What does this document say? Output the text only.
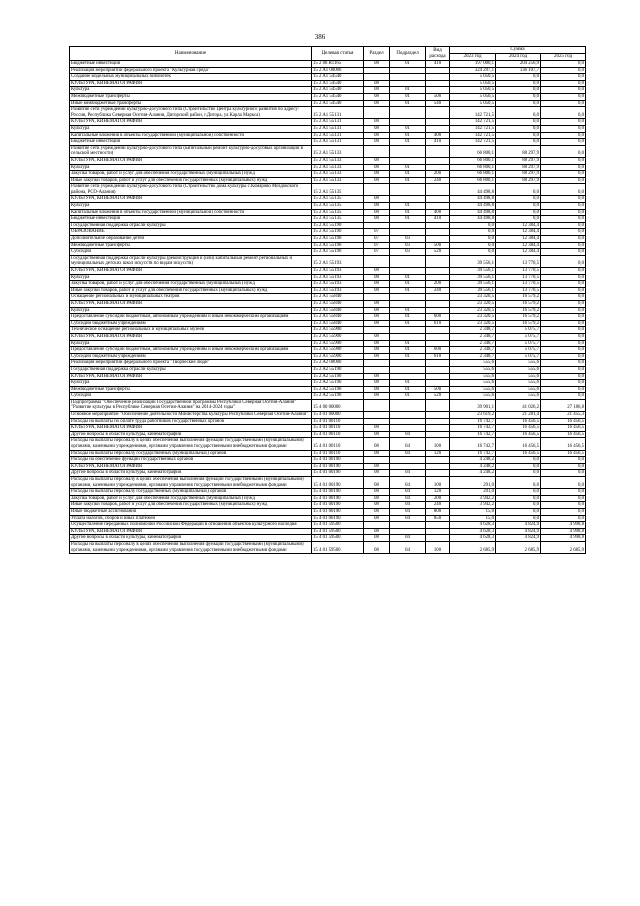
386
Наименование	Целевая статья	Раздел	Подраздел	Вид расхода	Сумма		
					2023 год	2024 год	2025 год
Бюджетные инвестиции	15 2 08 R1165	08	01	410	197 000,1	204 256,9	0,0
Реализация мероприятий федерального проекта "Культурная среда"	15 2 A1 00000				324 297,1	136 107,7	0,0
Создание модельных муниципальных библиотек	15 2 A1 54540				5 050,5	0,0	0,0
КУЛЬТУРА, КИНЕМАТОГРАФИЯ	15 2 A1 54540	08			5 050,5	0,0	0,0
Культура	15 2 A1 54540	08	01		5 050,5	0,0	0,0
Межбюджетные трансферты	15 2 A1 54540	08	01	500	5 050,5	0,0	0,0
Иные межбюджетные трансферты	15 2 A1 54540	08	01	540	5 050,5	0,0	0,0
Развитие сети учреждений культурно-досугового типа (Строительство Центра культурного развития по адресу: Россия, Республика Северная Осетия-Алания, Дигорский район, г.Дигора, ул.Карла Маркса)	15 2 A1 55131				142 721,5	0,0	0,0
КУЛЬТУРА, КИНЕМАТОГРАФИЯ	15 2 A1 55131	08			142 721,5	0,0	0,0
Культура	15 2 A1 55131	08	01		142 721,5	0,0	0,0
Капитальные вложения в объекты государственной (муниципальной) собственности	15 2 A1 55131	08	01	400	142 721,5	0,0	0,0
Бюджетные инвестиции	15 2 A1 55131	08	01	410	142 721,5	0,0	0,0
Развитие сети учреждений культурно-досугового типа (капитальный ремонт культурно-досуговых организаций в сельской местности)	15 2 A1 55133				66 800,1	88 297,9	0,0
КУЛЬТУРА, КИНЕМАТОГРАФИЯ	15 2 A1 55133	08			66 800,1	88 297,9	0,0
Культура	15 2 A1 55133	08	01		66 800,1	88 297,9	0,0
Закупка товаров, работ и услуг для обеспечения государственных (муниципальных) нужд	15 2 A1 55133	08	01	200	66 800,1	88 297,9	0,0
Иные закупки товаров, работ и услуг для обеспечения государственных (муниципальных) нужд	15 2 A1 55133	08	01	240	66 800,1	88 297,9	0,0
Развитие сети учреждений культурно-досугового типа (Строительство дома культуры с.Комарово Моздокского района, РСО-Алания)	15 2 A1 55135				44 498,8	0,0	0,0
КУЛЬТУРА, КИНЕМАТОГРАФИЯ	15 2 A1 55135	08			44 498,8	0,0	0,0
Культура	15 2 A1 55135	08	01		44 498,8	0,0	0,0
Капитальные вложения в объекты государственной (муниципальной) собственности	15 2 A1 55135	08	01	400	44 498,8	0,0	0,0
Бюджетные инвестиции	15 2 A1 55135	08	01	410	44 498,8	0,0	0,0
Государственная поддержка отрасли культуры	15 2 A1 55190				0,0	12 384,4	0,0
ОБРАЗОВАНИЕ	15 2 A1 55190	07			0,0	12 384,4	0,0
Дополнительное образование детей	15 2 A1 55190	07	03		0,0	12 384,4	0,0
Межбюджетные трансферты	15 2 A1 55190	07	03	500	0,0	12 384,4	0,0
Субсидии	15 2 A1 55190	07	03	520	0,0	12 384,4	0,0
Государственная поддержка отрасли культуры (реконструкция и (или) капитальный ремонт региональных и муниципальных детских школ искусств по видам искусств)	15 2 A1 55193				39 556,1	13 770,5	0,0
КУЛЬТУРА, КИНЕМАТОГРАФИЯ	15 2 A1 55193	08			39 556,1	13 770,5	0,0
Культура	15 2 A1 55193	08	01		39 556,1	13 770,5	0,0
Закупка товаров, работ и услуг для обеспечения государственных (муниципальных) нужд	15 2 A1 55193	08	01	200	39 556,1	13 770,5	0,0
Иные закупки товаров, работ и услуг для обеспечения государственных (муниципальных) нужд	15 2 A1 55193	08	01	240	39 556,1	13 770,5	0,0
Оснащение региональных и муниципальных театров	15 2 A1 55840				23 320,5	16 579,2	0,0
КУЛЬТУРА, КИНЕМАТОГРАФИЯ	15 2 A1 55840	08			23 320,5	16 579,2	0,0
Культура	15 2 A1 55840	08	01		23 320,5	16 579,2	0,0
Предоставление субсидий бюджетным, автономным учреждениям и иным некоммерческим организациям	15 2 A1 55840	08	01	600	23 320,5	16 579,2	0,0
Субсидии бюджетным учреждениям	15 2 A1 55840	08	01	610	23 320,5	16 579,2	0,0
Техническое оснащение региональных и муниципальных музеев	15 2 A1 55900				2 348,7	5 075,7	0,0
КУЛЬТУРА, КИНЕМАТОГРАФИЯ	15 2 A1 55900	08			2 348,7	5 075,7	0,0
Культура	15 2 A1 55900	08	01		2 348,7	5 075,7	0,0
Предоставление субсидий бюджетным, автономным учреждениям и иным некоммерческим организациям	15 2 A1 55900	08	01	600	2 348,7	5 075,7	0,0
Субсидии бюджетным учреждениям	15 2 A1 55900	08	01	610	2 348,7	5 075,7	0,0
Реализация мероприятий федерального проекта "Творческие люди"	15 2 A2 00000				555,6	555,6	0,0
Государственная поддержка отрасли культуры	15 2 A2 55190				555,6	555,6	0,0
КУЛЬТУРА, КИНЕМАТОГРАФИЯ	15 2 A2 55190	08			555,6	555,6	0,0
Культура	15 2 A2 55190	08	01		555,6	555,6	0,0
Межбюджетные трансферты	15 2 A2 55190	08	01	500	555,6	555,6	0,0
Субсидии	15 2 A2 55190	08	01	520	555,6	555,6	0,0
Подпрограмма "Обеспечение реализации Государственной программы Республики Северная Осетия-Алания" "Развитие культуры в Республике Северная Осетия-Алания" на 2014-2024 годы"	15 4 00 00000				39 901,1	41 026,2	27 186,8
Основное мероприятие "Обеспечение деятельности Министерства культуры Республики Северная Осетия-Алания"	15 4 01 00000				23 619,2	21 281,4	21 455,3
Расходы на выплаты по оплате труда работников государственных органов	15 4 01 00110				16 742,7	16 456,5	16 456,5
КУЛЬТУРА, КИНЕМАТОГРАФИЯ	15 4 01 00110	08			16 742,7	16 456,5	16 456,5
Другие вопросы в области культуры, кинематографии	15 4 01 00110	08	04		16 742,7	16 456,5	16 456,5
Расходы на выплаты персоналу в целях обеспечения выполнения функций государственными (муниципальными) органами, казенными учреждениями, органами управления государственными внебюджетными фондами	15 4 01 00110	08	04	100	16 742,7	16 456,5	16 456,5
Расходы на выплаты персоналу государственных (муниципальных) органов	15 4 01 00110	08	04	120	16 742,7	16 456,5	16 456,5
Расходы на обеспечение функций государственных органов	15 4 01 00190				4 248,2	0,0	0,0
КУЛЬТУРА, КИНЕМАТОГРАФИЯ	15 4 01 00190	08			4 248,2	0,0	0,0
Другие вопросы в области культуры, кинематографии	15 4 01 00190	08	04		4 248,2	0,0	0,0
Расходы на выплаты персоналу в целях обеспечения выполнения функций государственными (муниципальными) органами, казенными учреждениями, органами управления государственными внебюджетными фондами	15 4 01 00190	08	04	100	291,0	0,0	0,0
Расходы на выплаты персоналу государственных (муниципальных) органов	15 4 01 00190	08	04	120	291,0	0,0	0,0
Закупка товаров, работ и услуг для обеспечения государственных (муниципальных) нужд	15 4 01 00190	08	04	200	3 942,2	0,0	0,0
Иные закупки товаров, работ и услуг для обеспечения государственных (муниципальных) нужд	15 4 01 00190	08	04	240	3 942,2	0,0	0,0
Иные бюджетные ассигнования	15 4 01 00190	08	04	800	15,0	0,0	0,0
Уплата налогов, сборов и иных платежей	15 4 01 00190	08	04	850	15,0	0,0	0,0
Осуществление переданных полномочий Российской Федерации в отношении объектов культурного наследия	15 4 01 59500				4 628,3	4 824,9	4 998,8
КУЛЬТУРА, КИНЕМАТОГРАФИЯ	15 4 01 59500	08			4 628,3	4 824,9	4 998,8
Другие вопросы в области культуры, кинематографии	15 4 01 59500	08	04		4 628,3	4 824,9	4 998,8
Расходы на выплаты персоналу в целях обеспечения выполнения функций государственными (муниципальными) органами, казенными учреждениями, органами управления государственными внебюджетными фондами	15 4 01 59500	08	04	100	2 685,9	2 685,9	2 685,9
